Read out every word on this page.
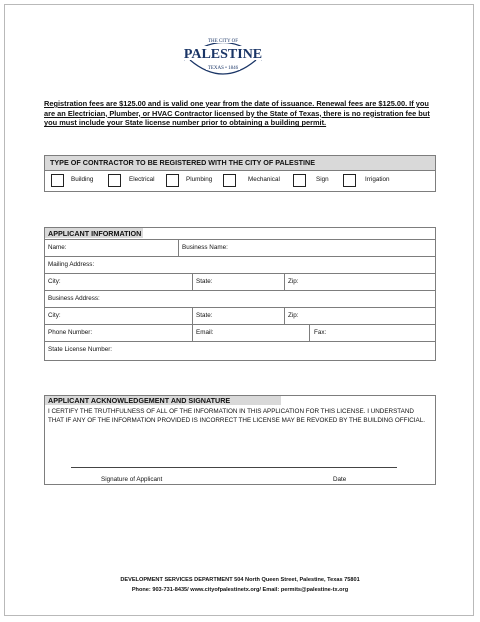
THE CITY OF
PALESTINE
TEXAS • 1846
Registration fees are $125.00 and is valid one year from the date of issuance. Renewal fees are $125.00. If you are an Electrician, Plumber, or HVAC Contractor licensed by the State of Texas, there is no registration fee but you must include your State license number prior to obtaining a building permit.
TYPE OF CONTRACTOR TO BE REGISTERED WITH THE CITY OF PALESTINE
Building	Electrical	Plumbing	Mechanical	Sign	Irrigation
APPLICANT INFORMATION
Name:	Business Name:
Mailing Address:
City:	State:	Zip:
Business Address:
City:	State:	Zip:
Phone Number:	Email:	Fax:
State License Number:
APPLICANT ACKNOWLEDGEMENT AND SIGNATURE
I CERTIFY THE TRUTHFULNESS OF ALL OF THE INFORMATION IN THIS APPLICATION FOR THIS LICENSE. I UNDERSTAND THAT IF ANY OF THE INFORMATION PROVIDED IS INCORRECT THE LICENSE MAY BE REVOKED BY THE BUILDING OFFICIAL.
Signature of Applicant	Date
DEVELOPMENT SERVICES DEPARTMENT 504 North Queen Street, Palestine, Texas 75801
Phone: 903-731-8435/ www.cityofpalestinetx.org/ Email: permits@palestine-tx.org
